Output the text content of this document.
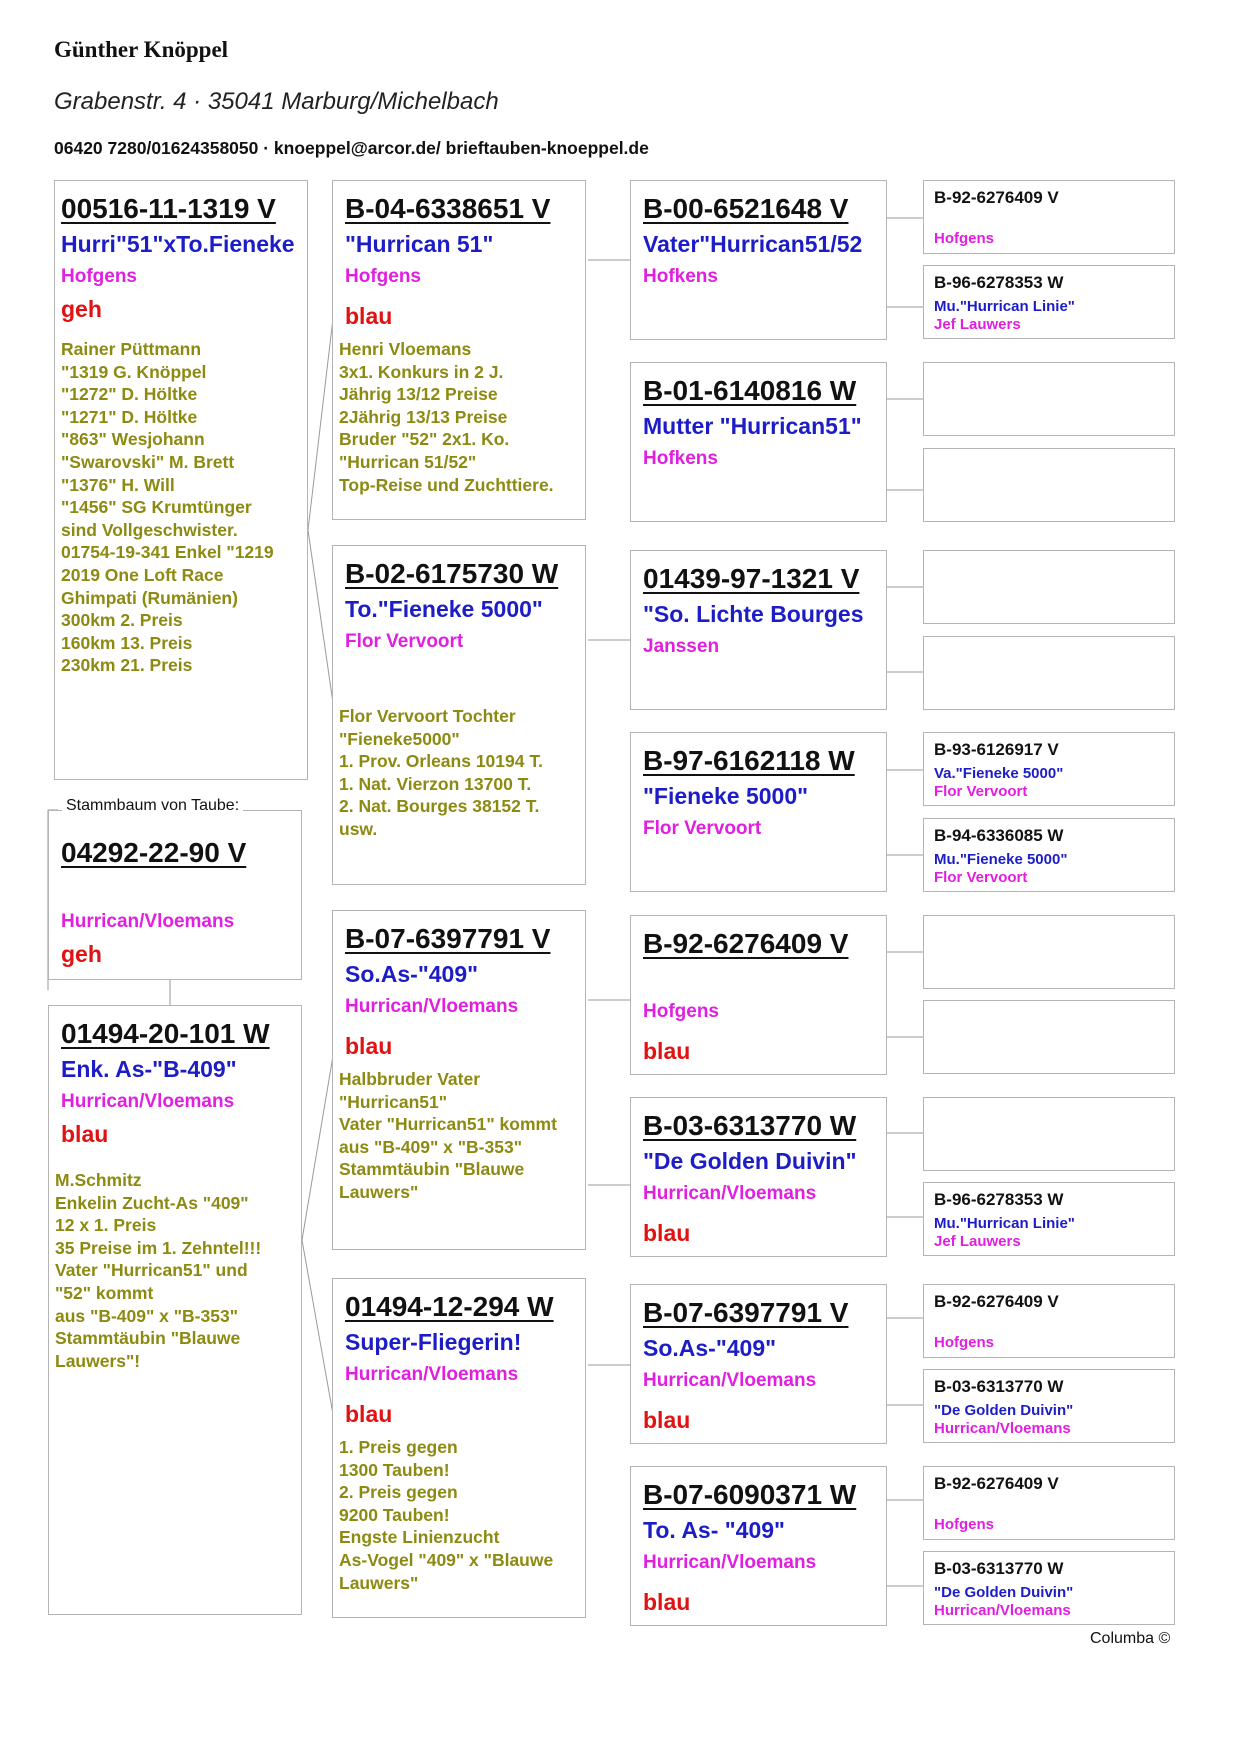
Günther Knöppel
Grabenstr. 4 · 35041 Marburg/Michelbach
06420 7280/01624358050 · knoeppel@arcor.de/ brieftauben-knoeppel.de
00516-11-1319 V
Hurri"51"xTo.Fieneke
Hofgens
geh
Rainer Püttmann
"1319 G. Knöppel
"1272" D. Höltke
"1271" D. Höltke
"863" Wesjohann
"Swarovski" M. Brett
"1376" H. Will
"1456" SG Krumtünger
sind Vollgeschwister.
01754-19-341 Enkel "1219
2019 One Loft Race
Ghimpati (Rumänien)
300km 2. Preis
160km 13. Preis
230km 21. Preis
04292-22-90 V
Hurrican/Vloemans
geh
Stammbaum von Taube:
01494-20-101 W
Enk. As-"B-409"
Hurrican/Vloemans
blau
M.Schmitz
Enkelin Zucht-As "409"
12 x 1. Preis
35 Preise im 1. Zehntel!!!
Vater "Hurrican51" und
"52" kommt
aus "B-409" x "B-353"
Stammtäubin "Blauwe
Lauwers"!
B-04-6338651 V
"Hurrican 51"
Hofgens
blau
Henri Vloemans
3x1. Konkurs in 2 J.
Jährig 13/12 Preise
2Jährig 13/13 Preise
Bruder "52" 2x1. Ko.
"Hurrican 51/52"
Top-Reise und Zuchttiere.
B-02-6175730 W
To."Fieneke 5000"
Flor Vervoort
Flor Vervoort Tochter
"Fieneke5000"
1. Prov. Orleans 10194 T.
1. Nat. Vierzon 13700 T.
2. Nat. Bourges 38152 T.
usw.
B-07-6397791 V
So.As-"409"
Hurrican/Vloemans
blau
Halbbruder Vater
"Hurrican51"
Vater "Hurrican51" kommt
aus "B-409" x "B-353"
Stammtäubin "Blauwe
Lauwers"
01494-12-294 W
Super-Fliegerin!
Hurrican/Vloemans
blau
1. Preis gegen
1300 Tauben!
2. Preis gegen
9200 Tauben!
Engste Linienzucht
As-Vogel "409" x "Blauwe
Lauwers"
B-00-6521648 V
Vater"Hurrican51/52
Hofkens
B-01-6140816 W
Mutter "Hurrican51"
Hofkens
01439-97-1321 V
"So. Lichte Bourges
Janssen
B-97-6162118 W
"Fieneke 5000"
Flor Vervoort
B-92-6276409 V
Hofgens
blau
B-03-6313770 W
"De Golden Duivin"
Hurrican/Vloemans
blau
B-07-6397791 V
So.As-"409"
Hurrican/Vloemans
blau
B-07-6090371 W
To. As- "409"
Hurrican/Vloemans
blau
B-92-6276409 V
Hofgens
B-96-6278353 W
Mu."Hurrican Linie"
Jef Lauwers
B-93-6126917 V
Va."Fieneke 5000"
Flor Vervoort
B-94-6336085 W
Mu."Fieneke 5000"
Flor Vervoort
B-96-6278353 W
Mu."Hurrican Linie"
Jef Lauwers
B-92-6276409 V
Hofgens
B-03-6313770 W
"De Golden Duivin"
Hurrican/Vloemans
B-92-6276409 V
Hofgens
B-03-6313770 W
"De Golden Duivin"
Hurrican/Vloemans
Columba ©
